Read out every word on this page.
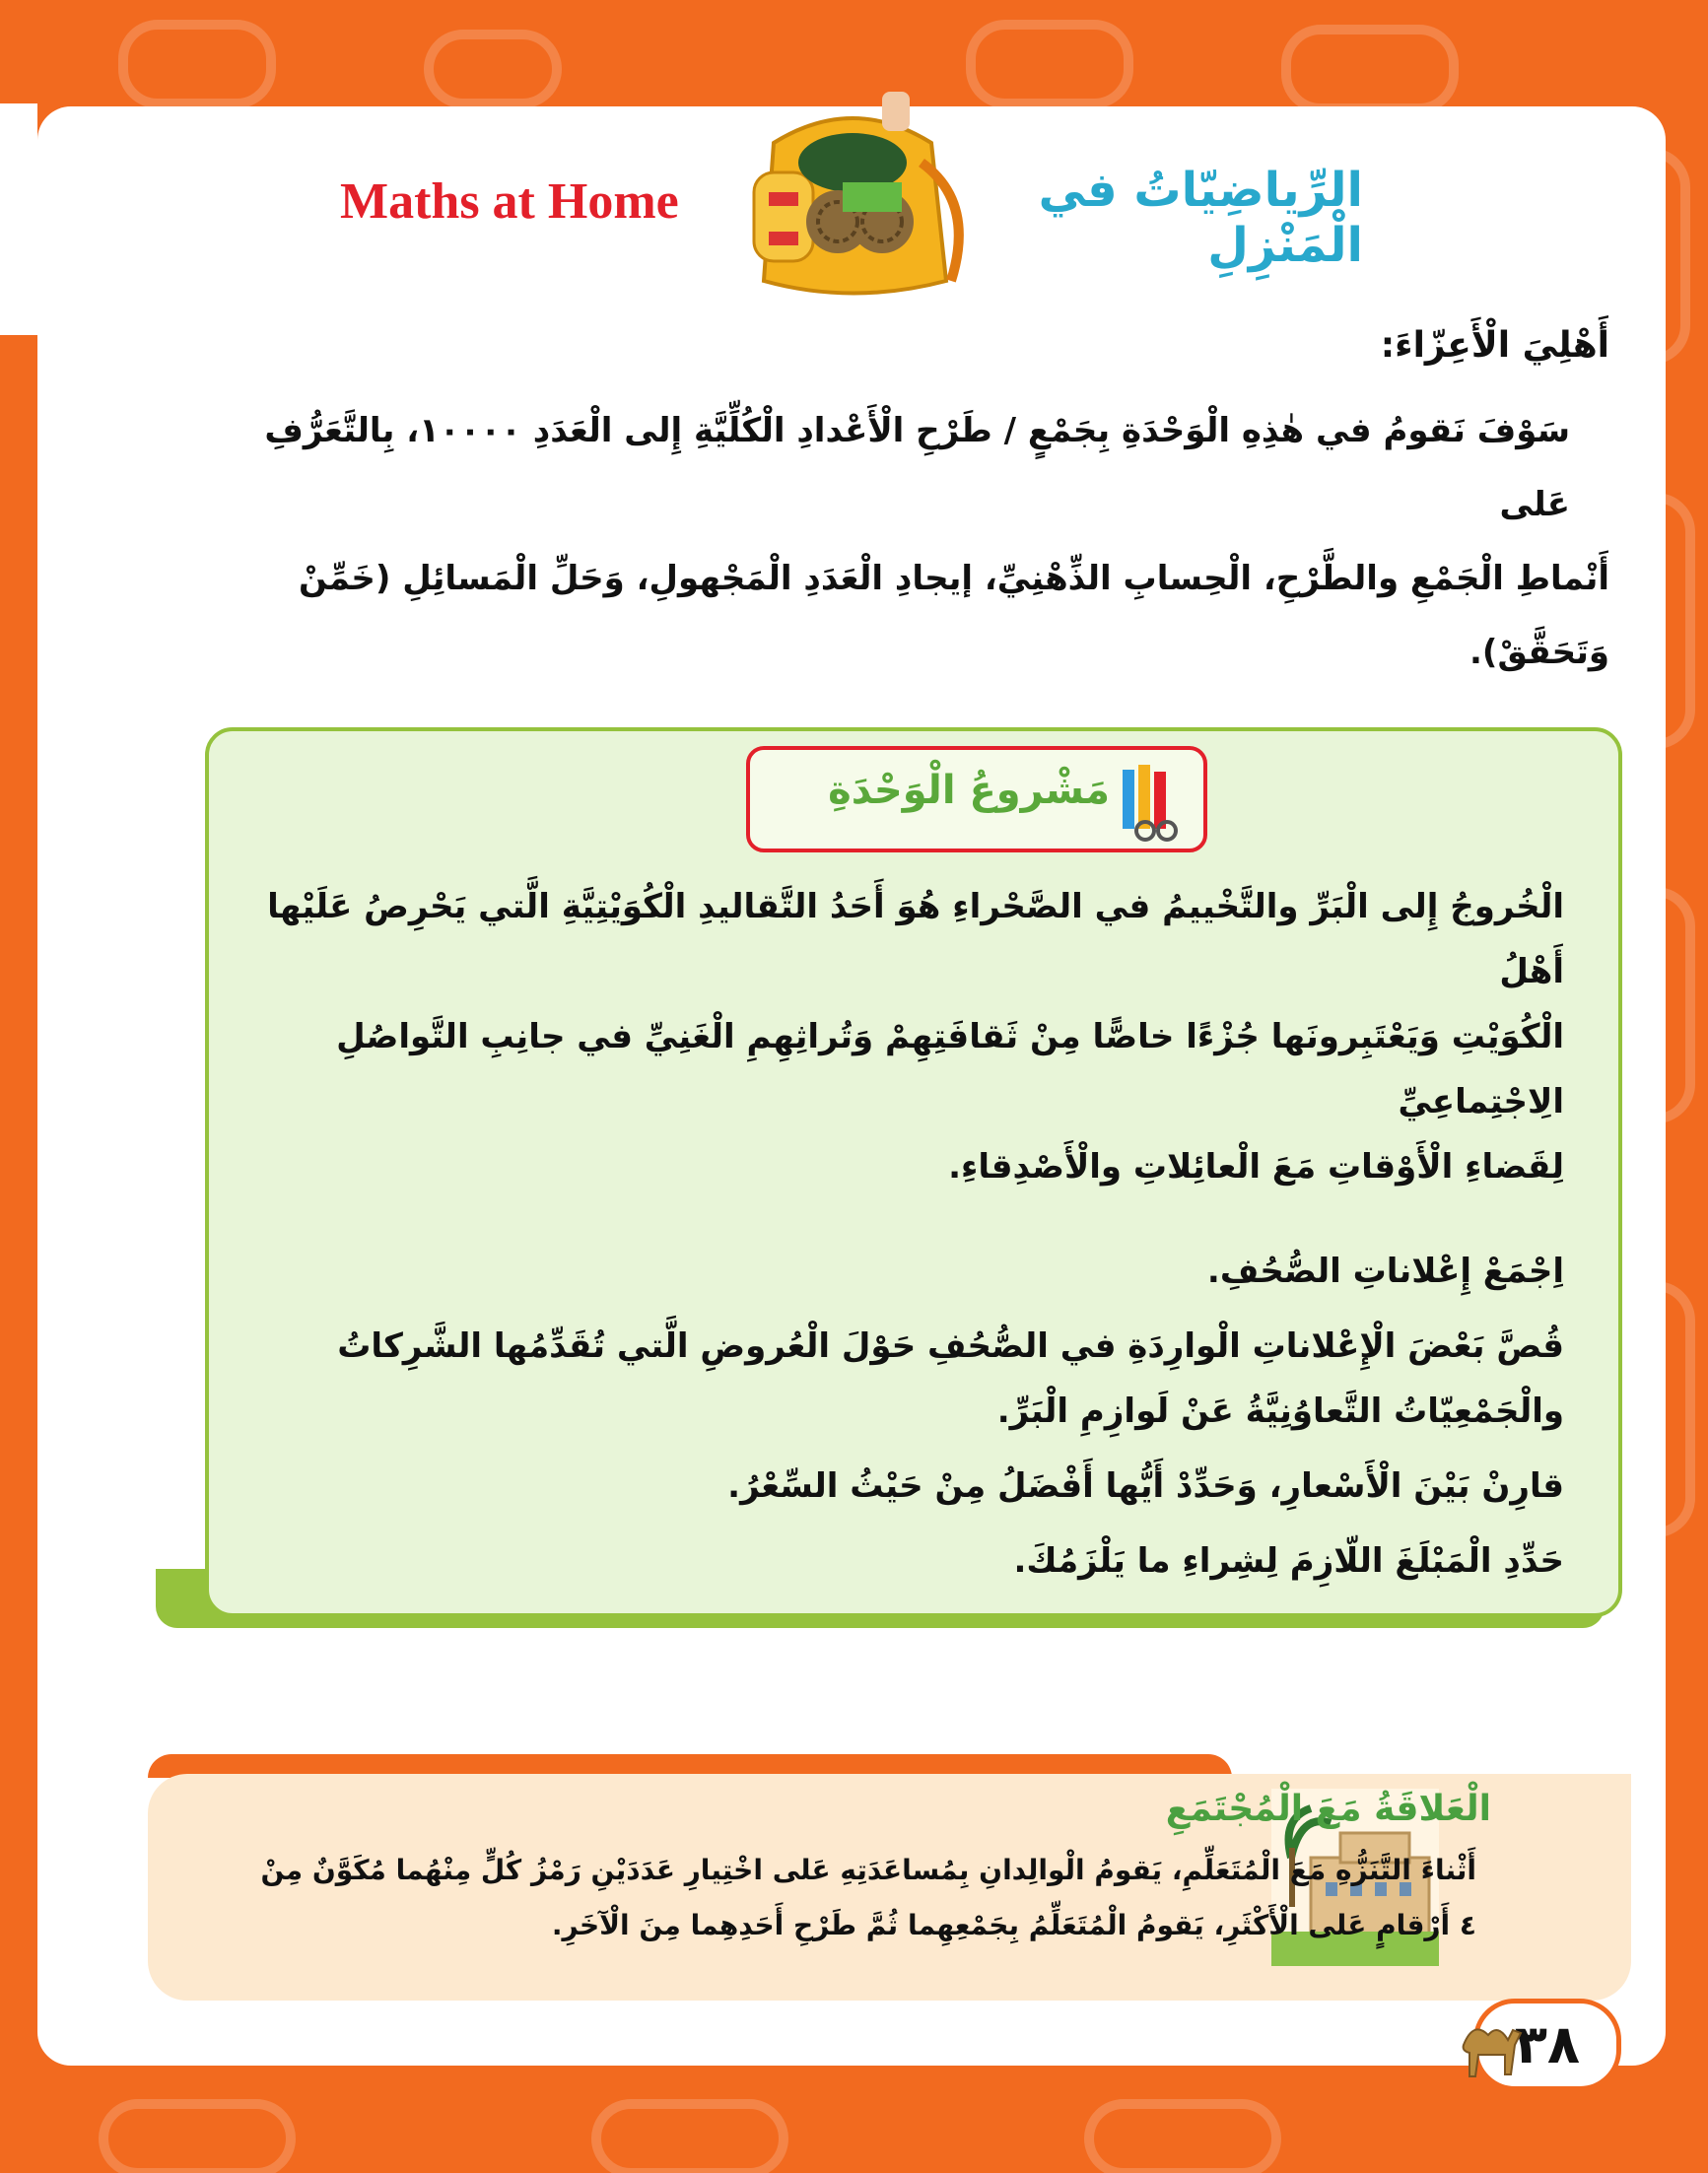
الرِّياضِيّاتُ في الْمَنْزِلِ
Maths at Home
أَهْلِيَ الْأَعِزّاءَ:
سَوْفَ نَقومُ في هٰذِهِ الْوَحْدَةِ بِجَمْعٍ / طَرْحِ الْأَعْدادِ الْكُلِّيَّةِ إِلى الْعَدَدِ ١٠٠٠٠، بِالتَّعَرُّفِ عَلى
أَنْماطِ الْجَمْعِ والطَّرْحِ، الْحِسابِ الذِّهْنِيِّ، إيجادِ الْعَدَدِ الْمَجْهولِ، وَحَلِّ الْمَسائِلِ (خَمِّنْ وَتَحَقَّقْ).
مَشْروعُ الْوَحْدَةِ

الْخُروجُ إِلى الْبَرِّ والتَّخْييمُ في الصَّحْراءِ هُوَ أَحَدُ التَّقاليدِ الْكُوَيْتِيَّةِ الَّتي يَحْرِصُ عَلَيْها أَهْلُ

الْكُوَيْتِ وَيَعْتَبِرونَها جُزْءًا خاصًّا مِنْ ثَقافَتِهِمْ وَتُراثِهِمِ الْغَنِيِّ في جانِبِ التَّواصُلِ الِاجْتِماعِيِّ

لِقَضاءِ الْأَوْقاتِ مَعَ الْعائِلاتِ والْأَصْدِقاءِ.

اِجْمَعْ إِعْلاناتِ الصُّحُفِ.

قُصَّ بَعْضَ الْإِعْلاناتِ الْوارِدَةِ في الصُّحُفِ حَوْلَ الْعُروضِ الَّتي تُقَدِّمُها الشَّرِكاتُ

والْجَمْعِيّاتُ التَّعاوُنِيَّةُ عَنْ لَوازِمِ الْبَرِّ.

قارِنْ بَيْنَ الْأَسْعارِ، وَحَدِّدْ أَيُّها أَفْضَلُ مِنْ حَيْثُ السِّعْرُ.

حَدِّدِ الْمَبْلَغَ اللّازِمَ لِشِراءِ ما يَلْزَمُكَ.

الْعَلاقَةُ مَعَ الْمُجْتَمَعِ
أَثْناءَ التَّنَزُّهِ مَعَ الْمُتَعَلِّمِ، يَقومُ الْوالِدانِ بِمُساعَدَتِهِ عَلى اخْتِيارِ عَدَدَيْنِ رَمْزُ كُلٍّ مِنْهُما مُكَوَّنٌ مِنْ
٤ أَرْقامٍ عَلى الْأَكْثَرِ، يَقومُ الْمُتَعَلِّمُ بِجَمْعِهِما ثُمَّ طَرْحِ أَحَدِهِما مِنَ الْآخَرِ.
٣٨
